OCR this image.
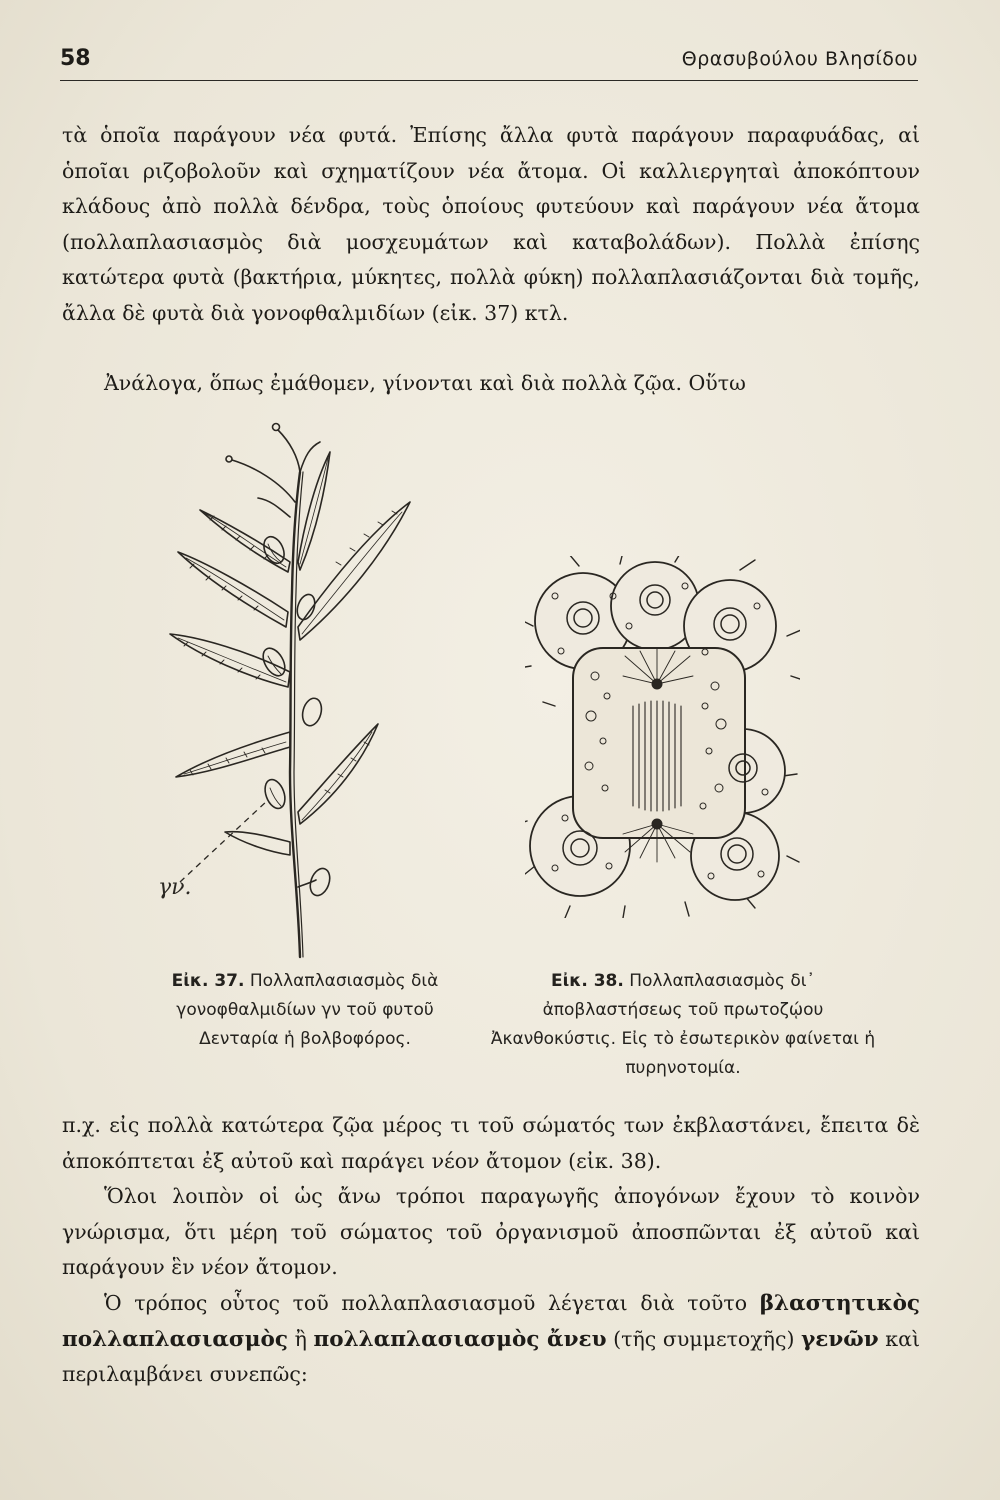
58	Θρασυβούλου Βλησίδου

τὰ ὁποῖα παράγουν νέα φυτά. Ἐπίσης ἄλλα φυτὰ παράγουν παραφυάδας, αἱ ὁποῖαι ριζοβολοῦν καὶ σχηματίζουν νέα ἄτομα. Οἱ καλλιεργηταὶ ἀποκόπτουν κλάδους ἀπὸ πολλὰ δένδρα, τοὺς ὁποίους φυτεύουν καὶ παράγουν νέα ἄτομα (πολλαπλασιασμὸς διὰ μοσχευμάτων καὶ καταβολάδων). Πολλὰ ἐπίσης κατώτερα φυτὰ (βακτήρια, μύκητες, πολλὰ φύκη) πολλαπλασιάζονται διὰ τομῆς, ἄλλα δὲ φυτὰ διὰ γονοφθαλμιδίων (εἰκ. 37) κτλ.

Ἀνάλογα, ὅπως ἐμάθομεν, γίνονται καὶ διὰ πολλὰ ζῷα. Οὕτω

γν.

Εἰκ. 37. Πολλαπλασιασμὸς διὰ γονοφθαλμιδίων γν τοῦ φυτοῦ Δενταρία ἡ βολβοφόρος.

Εἰκ. 38. Πολλαπλασιασμὸς δι᾽ ἀποβλαστήσεως τοῦ πρωτοζῴου Ἀκανθοκύστις. Εἰς τὸ ἐσωτερικὸν φαίνεται ἡ πυρηνοτομία.

π.χ. εἰς πολλὰ κατώτερα ζῷα μέρος τι τοῦ σώματός των ἐκβλαστάνει, ἔπειτα δὲ ἀποκόπτεται ἐξ αὐτοῦ καὶ παράγει νέον ἄτομον (εἰκ. 38).

Ὅλοι λοιπὸν οἱ ὡς ἄνω τρόποι παραγωγῆς ἀπογόνων ἔχουν τὸ κοινὸν γνώρισμα, ὅτι μέρη τοῦ σώματος τοῦ ὀργανισμοῦ ἀποσπῶνται ἐξ αὐτοῦ καὶ παράγουν ἓν νέον ἄτομον.

Ὁ τρόπος οὗτος τοῦ πολλαπλασιασμοῦ λέγεται διὰ τοῦτο βλαστητικὸς πολλαπλασιασμὸς ἢ πολλαπλασιασμὸς ἄνευ (τῆς συμμετοχῆς) γενῶν καὶ περιλαμβάνει συνεπῶς:
